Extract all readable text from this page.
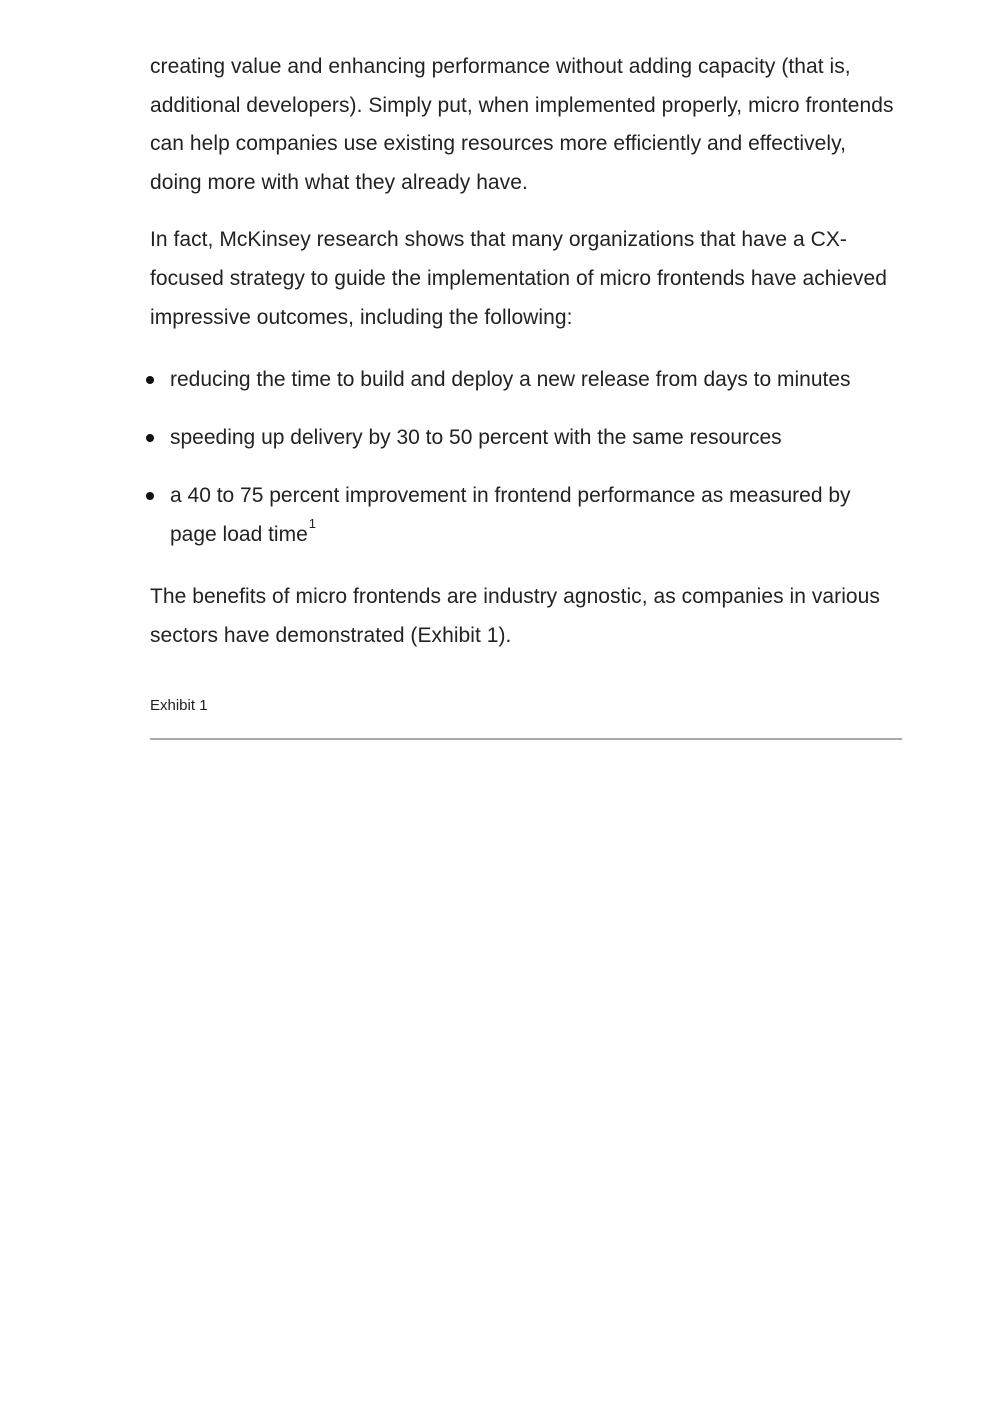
creating value and enhancing performance without adding capacity (that is, additional developers). Simply put, when implemented properly, micro frontends can help companies use existing resources more efficiently and effectively, doing more with what they already have.

In fact, McKinsey research shows that many organizations that have a CX-focused strategy to guide the implementation of micro frontends have achieved impressive outcomes, including the following:

reducing the time to build and deploy a new release from days to minutes
speeding up delivery by 30 to 50 percent with the same resources
a 40 to 75 percent improvement in frontend performance as measured by page load time$^1$

The benefits of micro frontends are industry agnostic, as companies in various sectors have demonstrated (Exhibit 1).

Exhibit 1
